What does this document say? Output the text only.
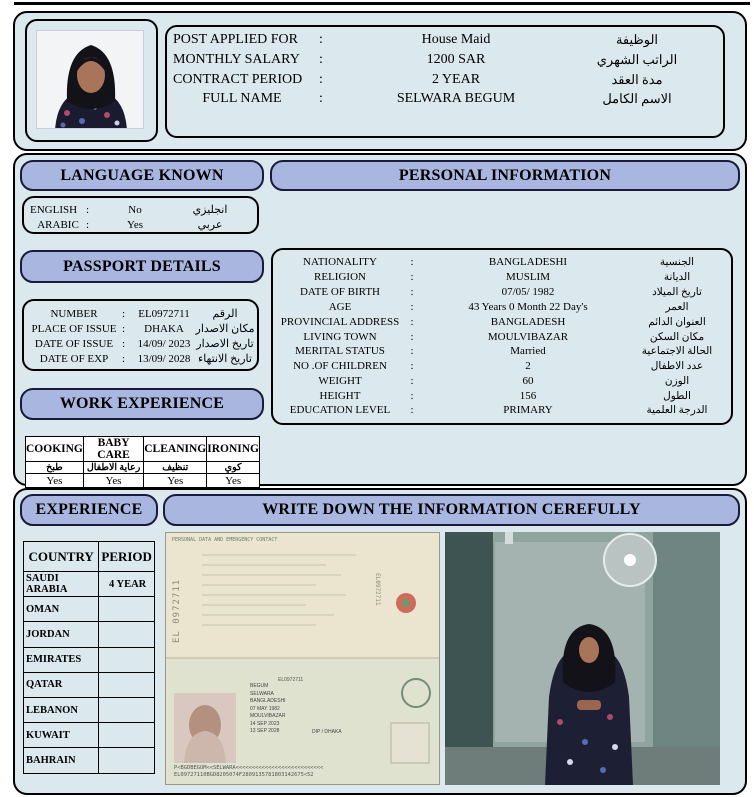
POST APPLIED FOR	:	House Maid	الوظيفة
MONTHLY SALARY	:	1200 SAR	الراتب الشهري
CONTRACT PERIOD	:	2 YEAR	مدة العقد
FULL NAME	:	SELWARA BEGUM	الاسم الكامل
LANGUAGE KNOWN	PERSONAL INFORMATION
ENGLISH :	No	انجليزي
ARABIC :	Yes	عربي
PASSPORT DETAILS
NUMBER	:	EL0972711	الرقم
PLACE OF ISSUE :	DHAKA	مكان الاصدار
DATE OF ISSUE :	14/09/ 2023 تاريخ الاصدار
DATE OF EXP	:	13/09/ 2028 تاريخ الانتهاء
WORK EXPERIENCE
COOKING	BABY CARE	CLEANING	IRONING
طبخ	رعاية الاطفال	تنظيف	كوي
Yes	Yes	Yes	Yes
NATIONALITY	:	BANGLADESHI	الجنسية
RELIGION	:	MUSLIM	الديانة
DATE OF BIRTH	:	07/05/ 1982	تاريخ الميلاد
AGE	:	43 Years 0 Month 22 Day's	العمر
PROVINCIAL ADDRESS	:	BANGLADESH	العنوان الدائم
LIVING TOWN	:	MOULVIBAZAR	مكان السكن
MERITAL STATUS	:	Married	الحالة الاجتماعية
NO .OF CHILDREN	:	2	عدد الاطفال
WEIGHT	:	60	الوزن
HEIGHT	:	156	الطول
EDUCATION LEVEL	:	PRIMARY	الدرجة العلمية
EXPERIENCE	WRITE DOWN THE INFORMATION CEREFULLY
COUNTRY	PERIOD
SAUDI ARABIA	4 YEAR
OMAN	
JORDAN	
EMIRATES	
QATAR	
LEBANON	
KUWAIT	
BAHRAIN	
PERSONAL DATA AND EMERGENCY CONTACT
EL 0972711	EL0972711
EL0972711
BEGUM
SELWARA
BANGLADESHI
07 MAY 1982
MOULVIBAZAR
14 SEP 2023
13 SEP 2028	DIP / DHAKA
P<BGDBEGUM<<SELWARA<<<<<<<<<<<<<<<<<<<<<<<<<<<
EL09727110BGD8205074F2809135781803142675<52
